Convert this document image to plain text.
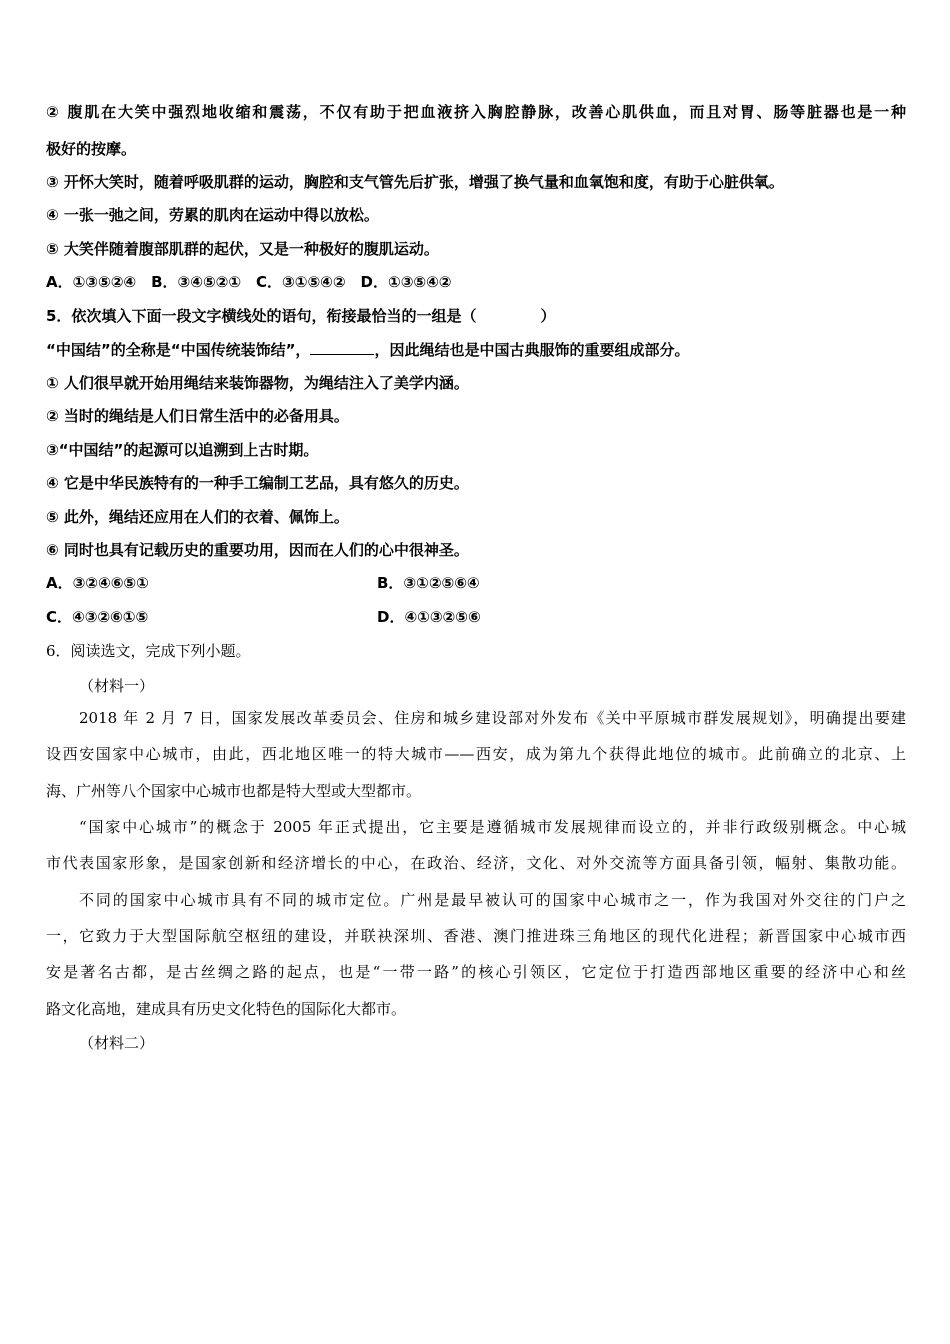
② 腹肌在大笑中强烈地收缩和震荡，不仅有助于把血液挤入胸腔静脉，改善心肌供血，而且对胃、肠等脏器也是一种
极好的按摩。
③ 开怀大笑时，随着呼吸肌群的运动，胸腔和支气管先后扩张，增强了换气量和血氧饱和度，有助于心脏供氧。
④ 一张一弛之间，劳累的肌肉在运动中得以放松。
⑤ 大笑伴随着腹部肌群的起伏，又是一种极好的腹肌运动。
A．①③⑤②④　B．③④⑤②①　C．③①⑤④②　D．①③⑤④②
5．依次填入下面一段文字横线处的语句，衔接最恰当的一组是（	）
“中国结”的全称是“中国传统装饰结”，	，因此绳结也是中国古典服饰的重要组成部分。
① 人们很早就开始用绳结来装饰器物，为绳结注入了美学内涵。
② 当时的绳结是人们日常生活中的必备用具。
③“中国结”的起源可以追溯到上古时期。
④ 它是中华民族特有的一种手工编制工艺品，具有悠久的历史。
⑤ 此外，绳结还应用在人们的衣着、佩饰上。
⑥ 同时也具有记载历史的重要功用，因而在人们的心中很神圣。
A．③②④⑥⑤①	B．③①②⑤⑥④
C．④③②⑥①⑤	D．④①③②⑤⑥
6．阅读选文，完成下列小题。
（材料一）
2018 年 2 月 7 日，国家发展改革委员会、住房和城乡建设部对外发布《关中平原城市群发展规划》，明确提出要建
设西安国家中心城市，由此，西北地区唯一的特大城市——西安，成为第九个获得此地位的城市。此前确立的北京、上
海、广州等八个国家中心城市也都是特大型或大型都市。
“国家中心城市”的概念于 2005 年正式提出，它主要是遵循城市发展规律而设立的，并非行政级别概念。中心城
市代表国家形象，是国家创新和经济增长的中心，在政治、经济，文化、对外交流等方面具备引领，幅射、集散功能。
不同的国家中心城市具有不同的城市定位。广州是最早被认可的国家中心城市之一，作为我国对外交往的门户之
一，它致力于大型国际航空枢纽的建设，并联袂深圳、香港、澳门推进珠三角地区的现代化进程；新晋国家中心城市西
安是著名古都，是古丝绸之路的起点，也是“一带一路”的核心引领区，它定位于打造西部地区重要的经济中心和丝
路文化高地，建成具有历史文化特色的国际化大都市。
（材料二）
